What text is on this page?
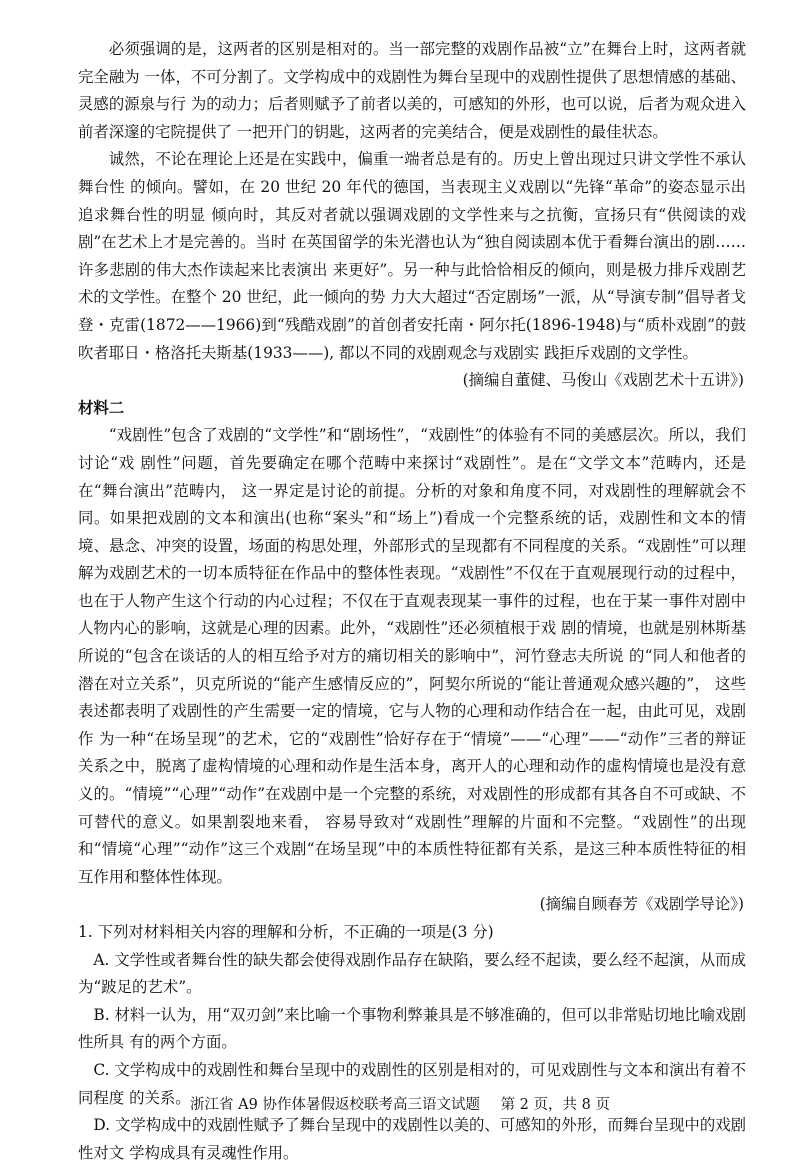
必须强调的是，这两者的区别是相对的。当一部完整的戏剧作品被“立”在舞台上时，这两者就完全融为 一体，不可分割了。文学构成中的戏剧性为舞台呈现中的戏剧性提供了思想情感的基础、灵感的源泉与行 为的动力；后者则赋予了前者以美的，可感知的外形，也可以说，后者为观众进入前者深邃的宅院提供了 一把开门的钥匙，这两者的完美结合，便是戏剧性的最佳状态。

诚然，不论在理论上还是在实践中，偏重一端者总是有的。历史上曾出现过只讲文学性不承认舞台性 的倾向。譬如，在 20 世纪 20 年代的德国，当表现主义戏剧以“先锋“革命”的姿态显示出追求舞台性的明显 倾向时，其反对者就以强调戏剧的文学性来与之抗衡，宣扬只有“供阅读的戏剧”在艺术上才是完善的。当时 在英国留学的朱光潜也认为“独自阅读剧本优于看舞台演出的剧……许多悲剧的伟大杰作读起来比表演出 来更好”。另一种与此恰恰相反的倾向，则是极力排斥戏剧艺术的文学性。在整个 20 世纪，此一倾向的势 力大大超过“否定剧场”一派，从“导演专制”倡导者戈登・克雷(1872——1966)到“残酷戏剧”的首创者安托南・阿尔托(1896-1948)与“质朴戏剧”的鼓吹者耶日・格洛托夫斯基(1933——), 都以不同的戏剧观念与戏剧实 践拒斥戏剧的文学性。

(摘编自董健、马俊山《戏剧艺术十五讲》)

材料二

“戏剧性”包含了戏剧的“文学性”和“剧场性”，“戏剧性”的体验有不同的美感层次。所以，我们讨论“戏 剧性”问题，首先要确定在哪个范畴中来探讨“戏剧性”。是在“文学文本”范畴内，还是在“舞台演出”范畴内， 这一界定是讨论的前提。分析的对象和角度不同，对戏剧性的理解就会不同。如果把戏剧的文本和演出(也称“案头”和“场上”)看成一个完整系统的话，戏剧性和文本的情境、悬念、冲突的设置，场面的构思处理，外部形式的呈现都有不同程度的关系。“戏剧性”可以理解为戏剧艺术的一切本质特征在作品中的整体性表现。“戏剧性”不仅在于直观展现行动的过程中，也在于人物产生这个行动的内心过程；不仅在于直观表现某一事件的过程，也在于某一事件对剧中人物内心的影响，这就是心理的因素。此外，“戏剧性”还必须植根于戏 剧的情境，也就是别林斯基所说的“包含在谈话的人的相互给予对方的痛切相关的影响中”，河竹登志夫所说 的“同人和他者的潜在对立关系”，贝克所说的“能产生感情反应的”，阿契尔所说的“能让普通观众感兴趣的”， 这些表述都表明了戏剧性的产生需要一定的情境，它与人物的心理和动作结合在一起，由此可见，戏剧作 为一种“在场呈现”的艺术，它的“戏剧性”恰好存在于“情境”——“心理”——“动作”三者的辩证关系之中，脱离了虚构情境的心理和动作是生活本身，离开人的心理和动作的虚构情境也是没有意义的。“情境”“心理”“动作”在戏剧中是一个完整的系统，对戏剧性的形成都有其各自不可或缺、不可替代的意义。如果割裂地来看， 容易导致对“戏剧性”理解的片面和不完整。“戏剧性”的出现和“情境“心理”“动作”这三个戏剧“在场呈现”中的本质性特征都有关系，是这三种本质性特征的相互作用和整体性体现。

(摘编自顾春芳《戏剧学导论》)

1. 下列对材料相关内容的理解和分析，不正确的一项是(3 分)

A. 文学性或者舞台性的缺失都会使得戏剧作品存在缺陷，要么经不起读，要么经不起演，从而成为“跛足的艺术”。

B. 材料一认为，用“双刃剑”来比喻一个事物利弊兼具是不够准确的，但可以非常贴切地比喻戏剧性所具 有的两个方面。

C. 文学构成中的戏剧性和舞台呈现中的戏剧性的区别是相对的，可见戏剧性与文本和演出有着不同程度 的关系。

D. 文学构成中的戏剧性赋予了舞台呈现中的戏剧性以美的、可感知的外形，而舞台呈现中的戏剧性对文 学构成具有灵魂性作用。

浙江省 A9 协作体暑假返校联考高三语文试题 第 2 页，共 8 页
